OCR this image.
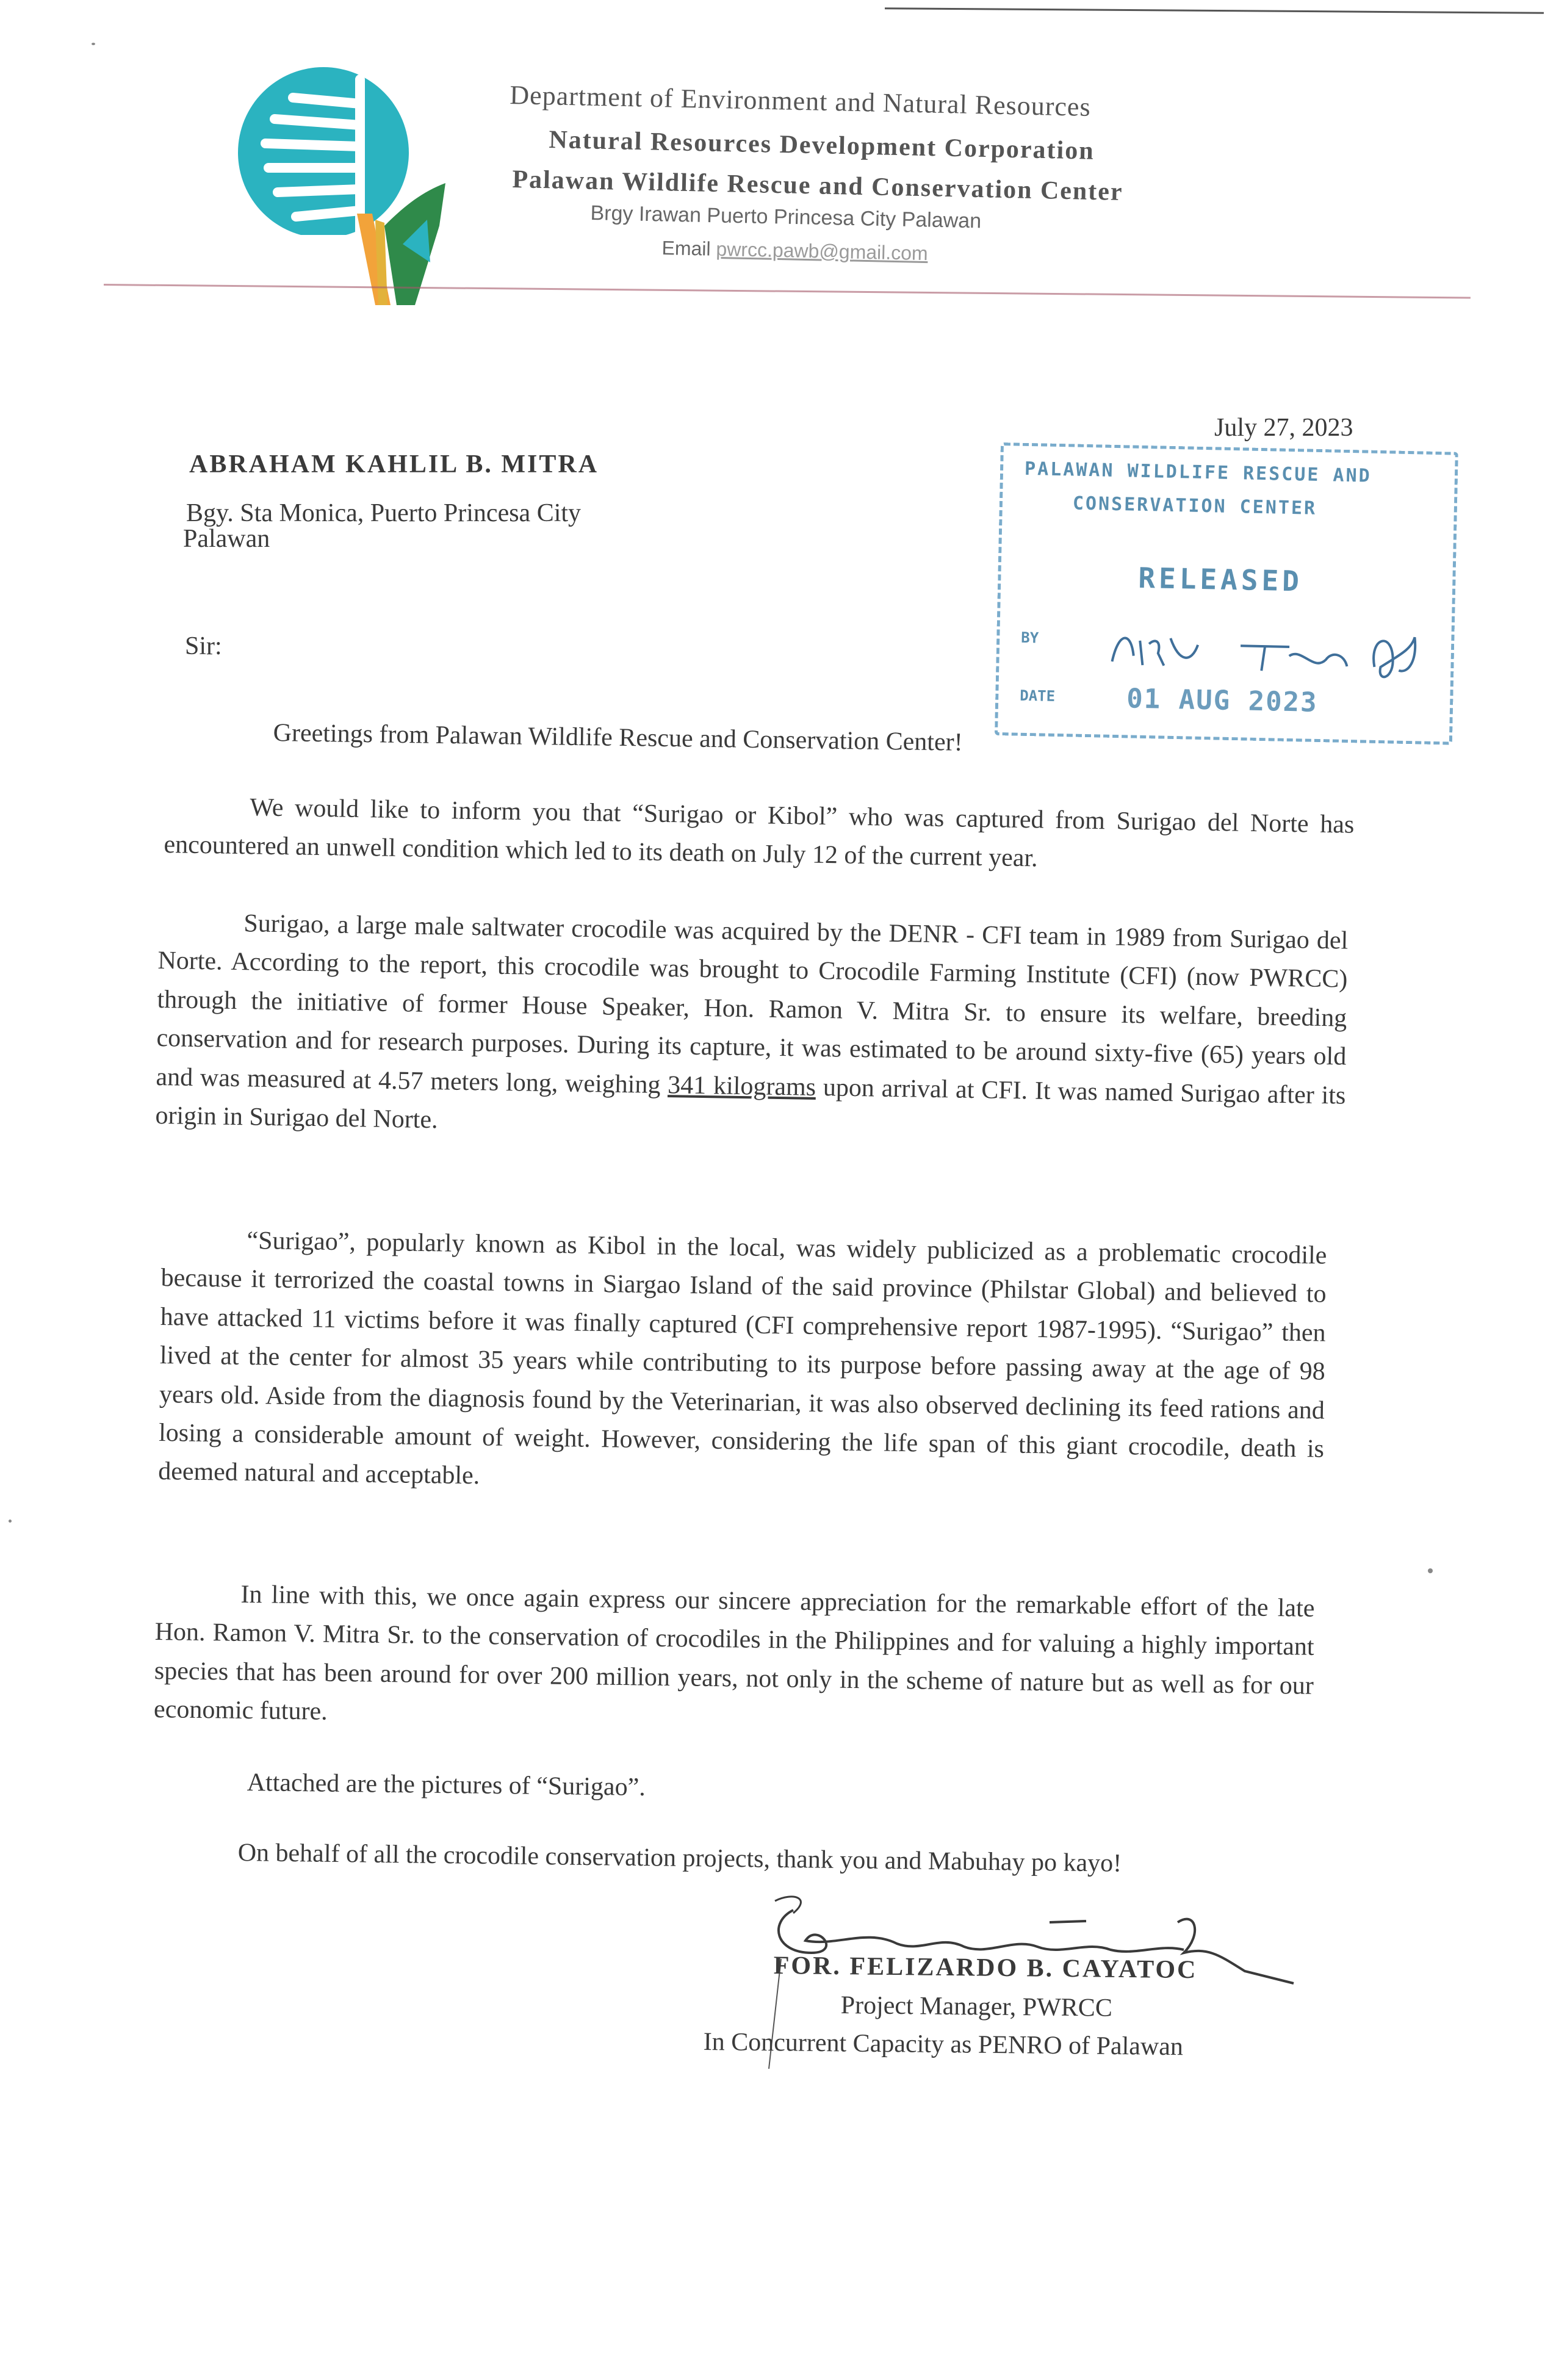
Department of Environment and Natural Resources
Natural Resources Development Corporation
Palawan Wildlife Rescue and Conservation Center
Brgy Irawan Puerto Princesa City Palawan
Email pwrcc.pawb@gmail.com
July 27, 2023
ABRAHAM KAHLIL B. MITRA
Bgy. Sta Monica, Puerto Princesa City
Palawan
Sir:
Greetings from Palawan Wildlife Rescue and Conservation Center!
PALAWAN WILDLIFE RESCUE AND
CONSERVATION CENTER
RELEASED
BY
DATE	01 AUG 2023
We would like to inform you that “Surigao or Kibol” who was captured from Surigao del Norte has encountered an unwell condition which led to its death on July 12 of the current year.
Surigao, a large male saltwater crocodile was acquired by the DENR - CFI team in 1989 from Surigao del Norte. According to the report, this crocodile was brought to Crocodile Farming Institute (CFI) (now PWRCC) through the initiative of former House Speaker, Hon. Ramon V. Mitra Sr. to ensure its welfare, breeding conservation and for research purposes. During its capture, it was estimated to be around sixty-five (65) years old and was measured at 4.57 meters long, weighing 341 kilograms upon arrival at CFI. It was named Surigao after its origin in Surigao del Norte.
“Surigao”, popularly known as Kibol in the local, was widely publicized as a problematic crocodile because it terrorized the coastal towns in Siargao Island of the said province (Philstar Global) and believed to have attacked 11 victims before it was finally captured (CFI comprehensive report 1987-1995). “Surigao” then lived at the center for almost 35 years while contributing to its purpose before passing away at the age of 98 years old. Aside from the diagnosis found by the Veterinarian, it was also observed declining its feed rations and losing a considerable amount of weight. However, considering the life span of this giant crocodile, death is deemed natural and acceptable.
In line with this, we once again express our sincere appreciation for the remarkable effort of the late Hon. Ramon V. Mitra Sr. to the conservation of crocodiles in the Philippines and for valuing a highly important species that has been around for over 200 million years, not only in the scheme of nature but as well as for our economic future.
Attached are the pictures of “Surigao”.
On behalf of all the crocodile conservation projects, thank you and Mabuhay po kayo!
FOR. FELIZARDO B. CAYATOC
Project Manager, PWRCC
In Concurrent Capacity as PENRO of Palawan
